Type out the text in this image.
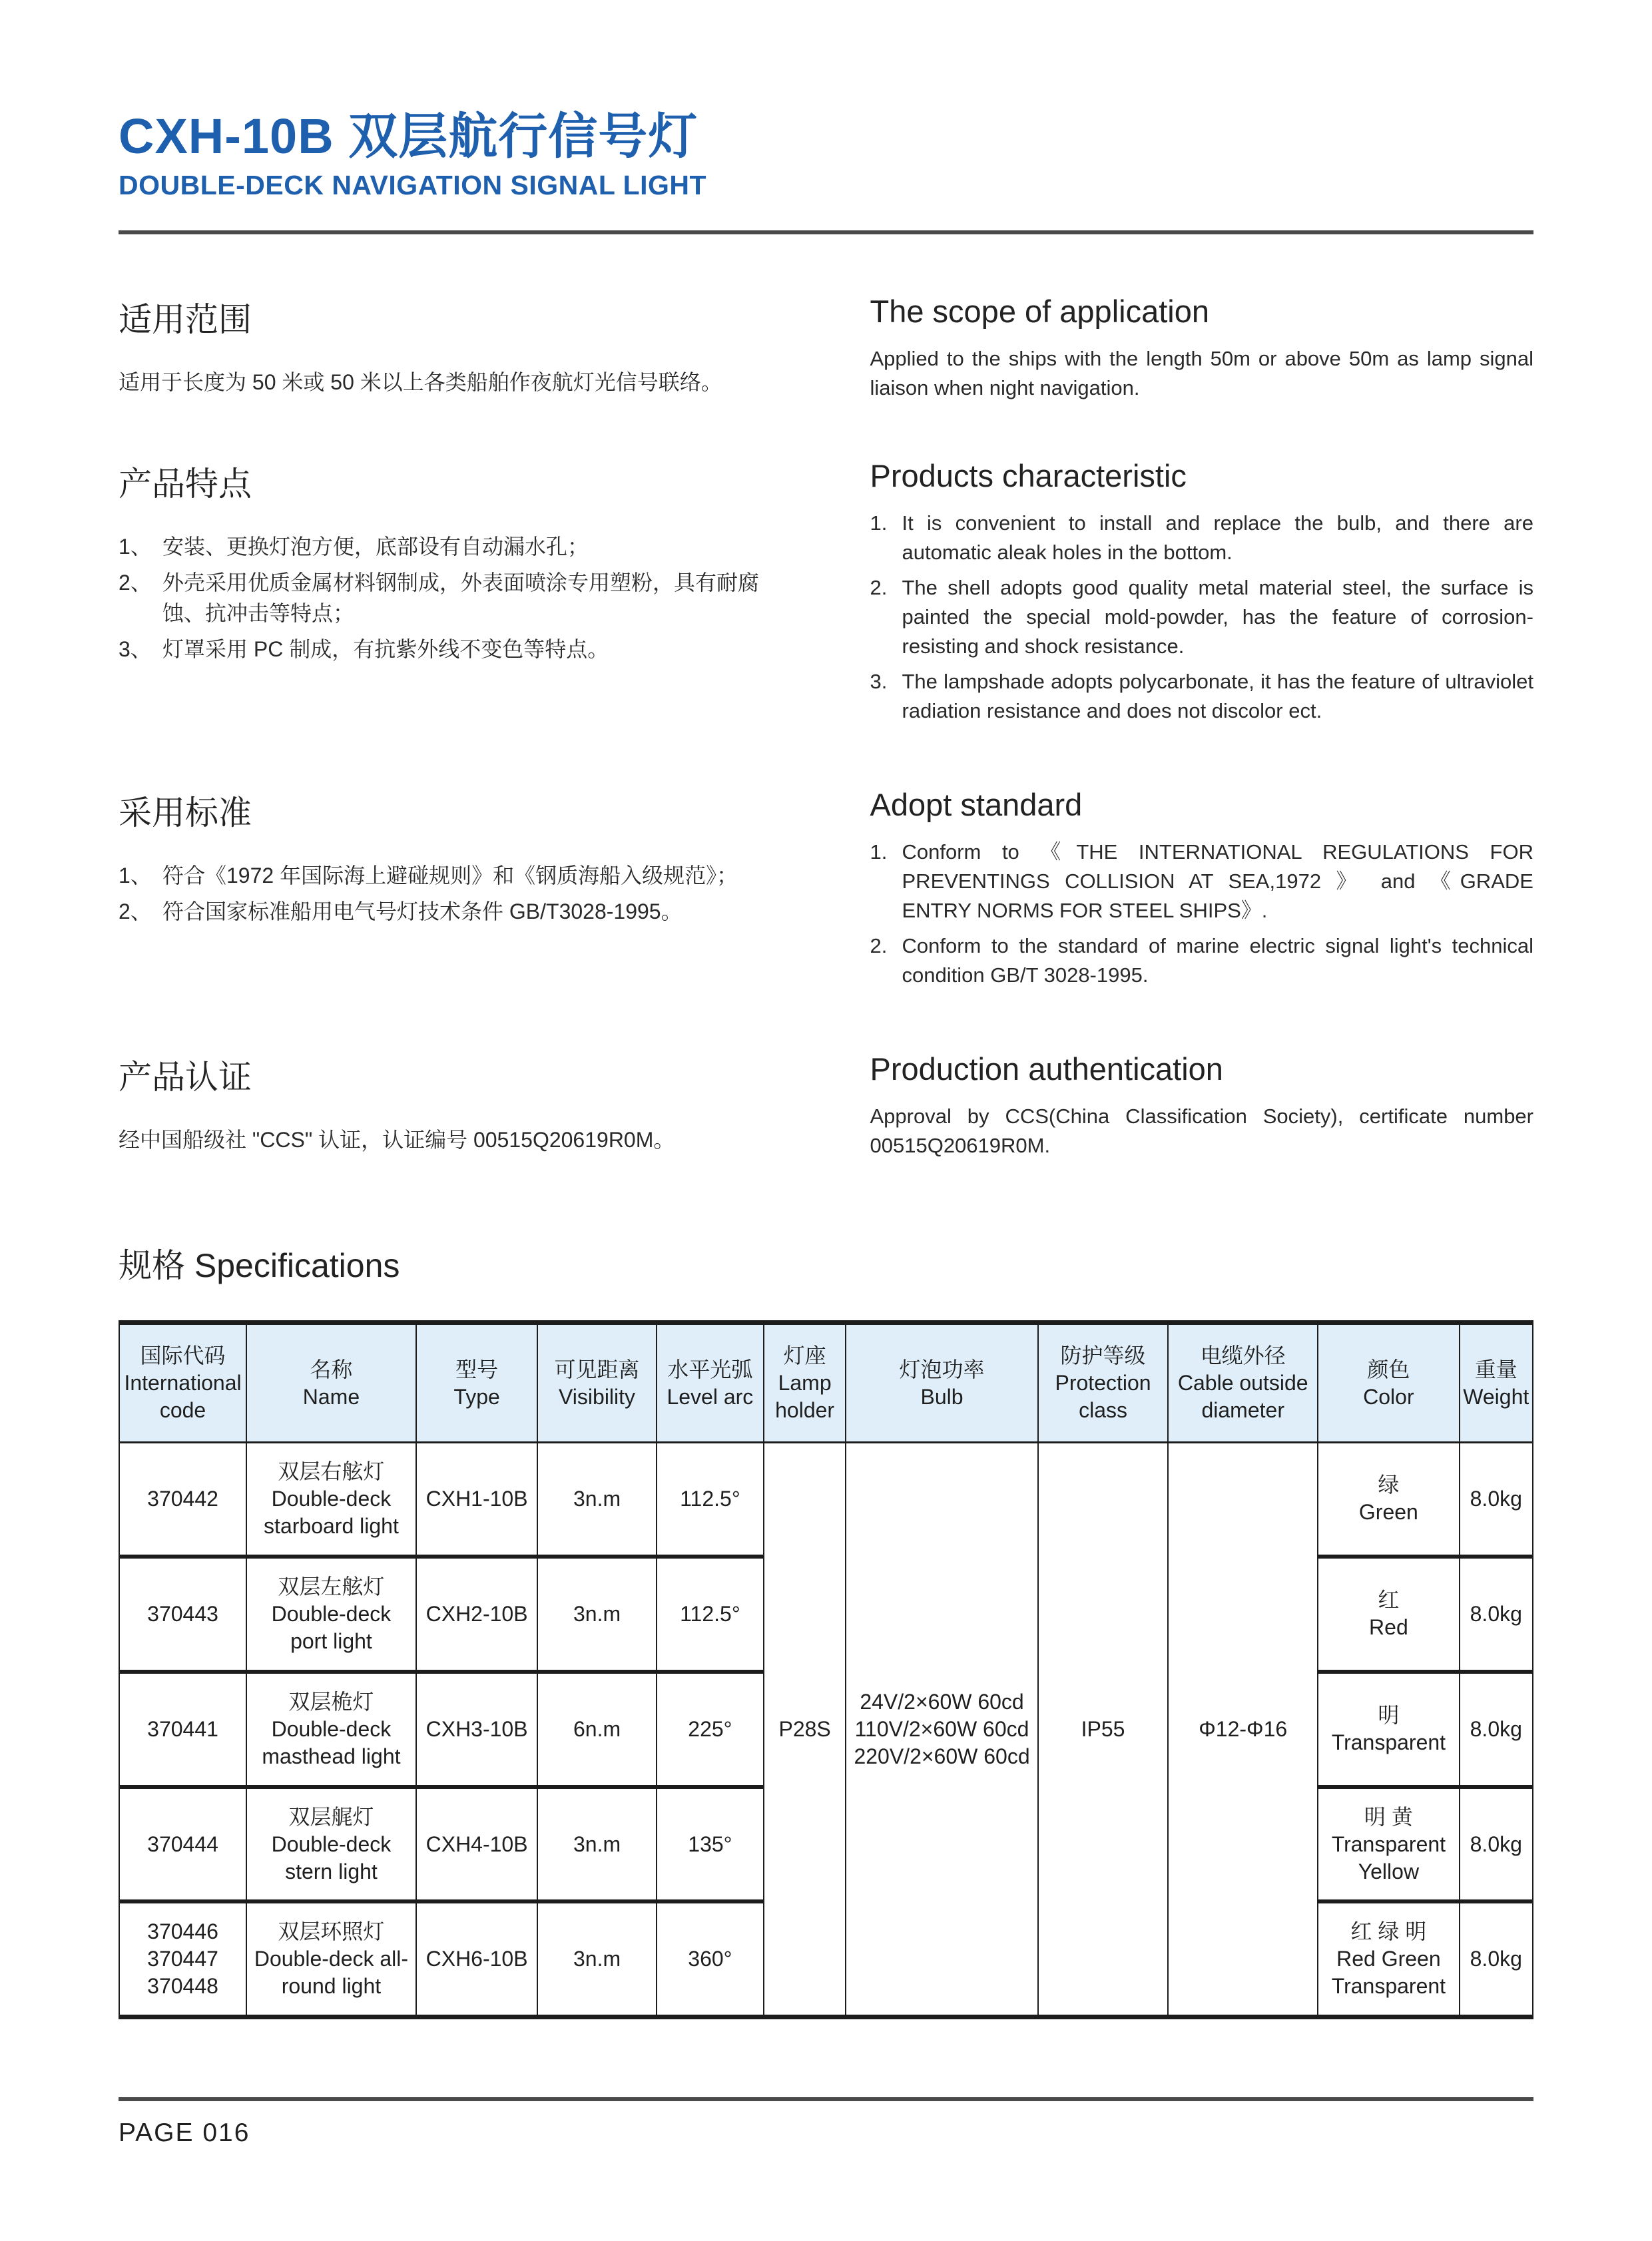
CXH-10B 双层航行信号灯
DOUBLE-DECK NAVIGATION SIGNAL LIGHT
适用范围
适用于长度为 50 米或 50 米以上各类船舶作夜航灯光信号联络。
The scope of application
Applied to the ships with the length 50m or above 50m as lamp signal liaison when night navigation.
产品特点
1、 安装、更换灯泡方便，底部设有自动漏水孔；
2、 外壳采用优质金属材料钢制成，外表面喷涂专用塑粉，具有耐腐蚀、抗冲击等特点；
3、 灯罩采用 PC 制成，有抗紫外线不变色等特点。
Products characteristic
1. It is convenient to install and replace the bulb, and there are automatic aleak holes in the bottom.
2. The shell adopts good quality metal material steel, the surface is painted the special mold-powder, has the feature of corrosion-resisting and shock resistance.
3. The lampshade adopts polycarbonate, it has the feature of ultraviolet radiation resistance and does not discolor ect.
采用标准
1、 符合《1972 年国际海上避碰规则》和《钢质海船入级规范》；
2、 符合国家标准船用电气号灯技术条件 GB/T3028-1995。
Adopt standard
1. Conform to 《THE INTERNATIONAL REGULATIONS FOR PREVENTINGS COLLISION AT SEA,1972 》 and 《GRADE ENTRY NORMS FOR STEEL SHIPS》.
2. Conform to the standard of marine electric signal light's technical condition GB/T 3028-1995.
产品认证
经中国船级社 "CCS" 认证，认证编号 00515Q20619R0M。
Production authentication
Approval by CCS(China Classification Society), certificate number 00515Q20619R0M.
规格 Specifications
国际代码
International code	名称
Name	型号
Type	可见距离
Visibility	水平光弧
Level arc	灯座
Lamp holder	灯泡功率
Bulb	防护等级
Protection class	电缆外径
Cable outside diameter	颜色
Color	重量
Weight

370442	双层右舷灯
Double-deck starboard light	CXH1-10B	3n.m	112.5°	P28S	24V/2×60W 60cd
110V/2×60W 60cd
220V/2×60W 60cd	IP55	Φ12-Φ16	绿
Green	8.0kg
370443	双层左舷灯
Double-deck port light	CXH2-10B	3n.m	112.5°					红
Red	8.0kg
370441	双层桅灯
Double-deck masthead light	CXH3-10B	6n.m	225°					明
Transparent	8.0kg
370444	双层艉灯
Double-deck stern light	CXH4-10B	3n.m	135°					明 黄
Transparent Yellow	8.0kg

370446
370447
370448	双层环照灯
Double-deck all-round light	CXH6-10B	3n.m	360°					红 绿 明
Red Green Transparent	8.0kg
PAGE 016
